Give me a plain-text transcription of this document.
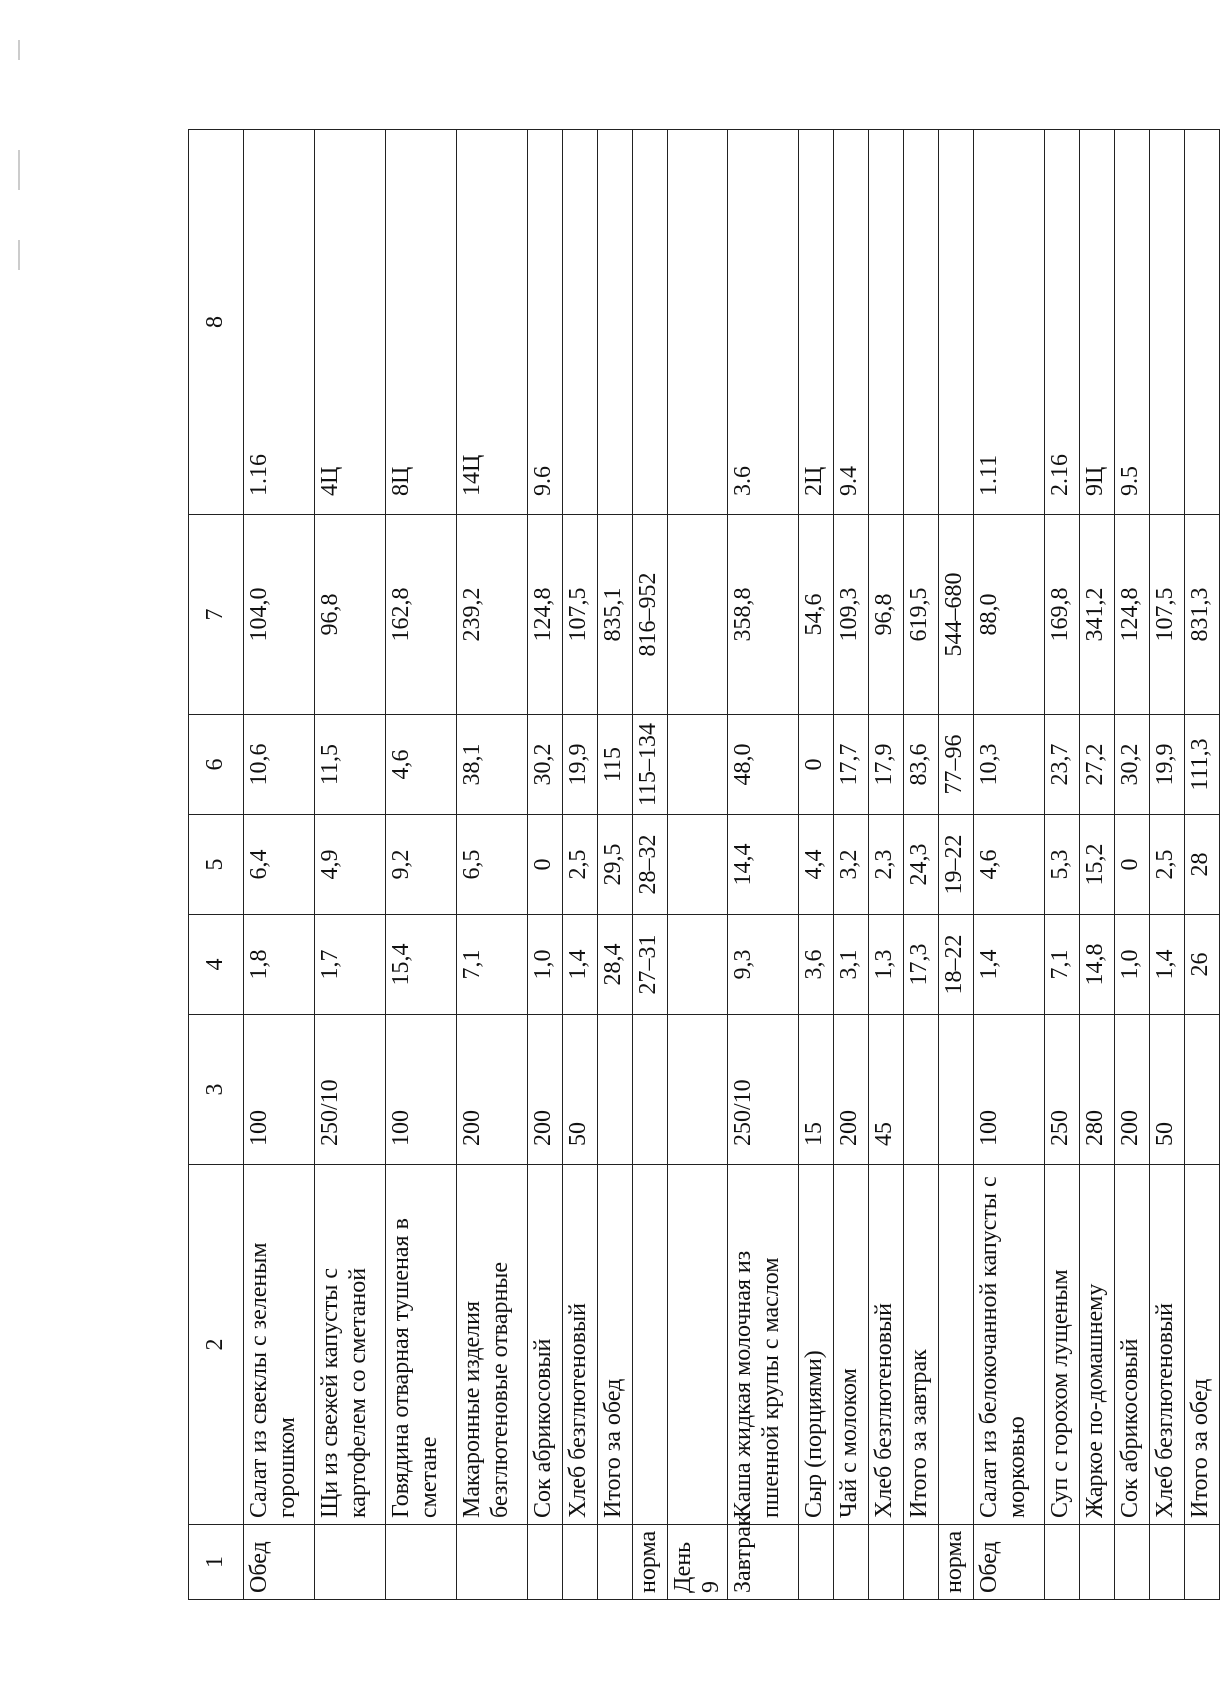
1	2	3	4	5	6	7	8
Обед	Салат из свеклы с зеленым горошком	100	1,8	6,4	10,6	104,0	1.16
	Щи из свежей капусты с картофелем со сметаной	250/10	1,7	4,9	11,5	96,8	4Ц
	Говядина отварная тушеная в сметане	100	15,4	9,2	4,6	162,8	8Ц
	Макаронные изделия безглютеновые отварные	200	7,1	6,5	38,1	239,2	14Ц
	Сок абрикосовый	200	1,0	0	30,2	124,8	9.6
	Хлеб безглютеновый	50	1,4	2,5	19,9	107,5	
	Итого за обед		28,4	29,5	115	835,1	
норма			27–31	28–32	115–134	816–952	
День 9							
Завтрак	Каша жидкая молочная из пшенной крупы с маслом	250/10	9,3	14,4	48,0	358,8	3.6
	Сыр (порциями)	15	3,6	4,4	0	54,6	2Ц
	Чай с молоком	200	3,1	3,2	17,7	109,3	9.4
	Хлеб безглютеновый	45	1,3	2,3	17,9	96,8	
	Итого за завтрак		17,3	24,3	83,6	619,5	
норма			18–22	19–22	77–96	544–680	
Обед	Салат из белокочанной капусты с морковью	100	1,4	4,6	10,3	88,0	1.11
	Суп с горохом лущеным	250	7,1	5,3	23,7	169,8	2.16
	Жаркое по-домашнему	280	14,8	15,2	27,2	341,2	9Ц
	Сок абрикосовый	200	1,0	0	30,2	124,8	9.5
	Хлеб безглютеновый	50	1,4	2,5	19,9	107,5	
	Итого за обед		26	28	111,3	831,3	
